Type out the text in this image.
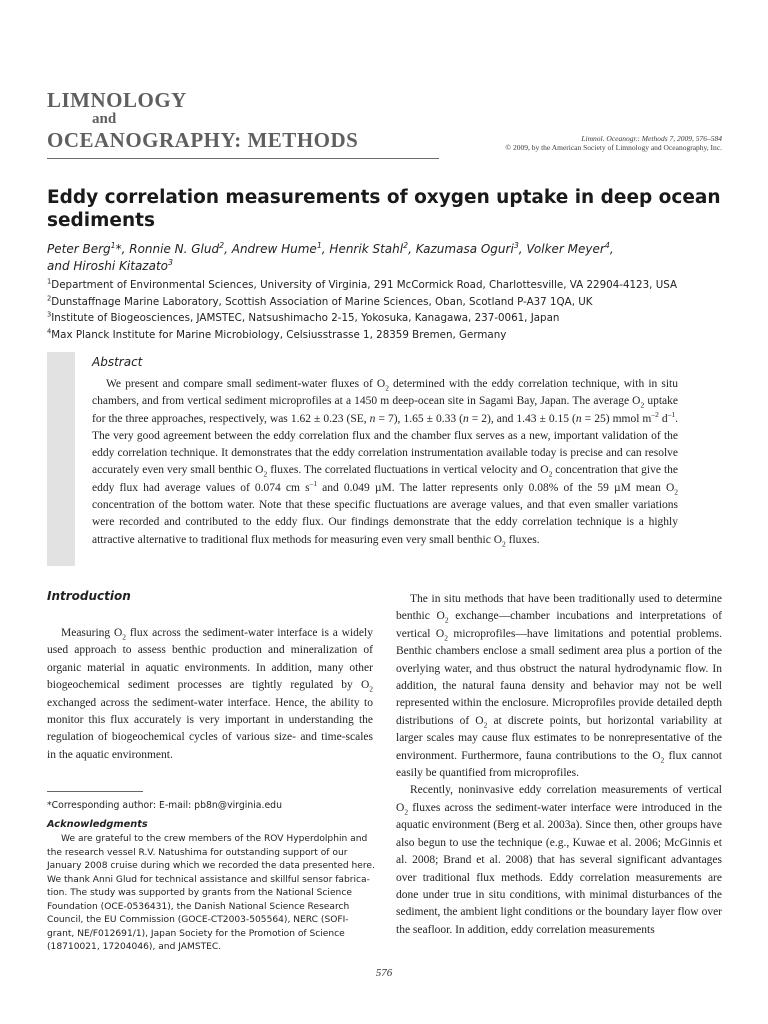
LIMNOLOGY
and
OCEANOGRAPHY: METHODS	Limnol. Oceanogr.: Methods 7, 2009, 576–584
© 2009, by the American Society of Limnology and Oceanography, Inc.
Eddy correlation measurements of oxygen uptake in deep ocean sediments
Peter Berg$^1$*, Ronnie N. Glud$^2$, Andrew Hume$^1$, Henrik Stahl$^2$, Kazumasa Oguri$^3$, Volker Meyer$^4$,
and Hiroshi Kitazato$^3$
$^1$Department of Environmental Sciences, University of Virginia, 291 McCormick Road, Charlottesville, VA 22904-4123, USA
$^2$Dunstaffnage Marine Laboratory, Scottish Association of Marine Sciences, Oban, Scotland P-A37 1QA, UK
$^3$Institute of Biogeosciences, JAMSTEC, Natsushimacho 2-15, Yokosuka, Kanagawa, 237-0061, Japan
$^4$Max Planck Institute for Marine Microbiology, Celsiusstrasse 1, 28359 Bremen, Germany
Abstract

We present and compare small sediment-water fluxes of $O_2$ determined with the eddy correlation technique, with in situ chambers, and from vertical sediment microprofiles at a 1450 m deep-ocean site in Sagami Bay, Japan. The average $O_2$ uptake for the three approaches, respectively, was 1.62 ± 0.23 (SE, n = 7), 1.65 ± 0.33 (n = 2), and 1.43 ± 0.15 (n = 25) mmol $m^{-2}$ $d^{-1}$. The very good agreement between the eddy correlation flux and the chamber flux serves as a new, important validation of the eddy correlation technique. It demonstrates that the eddy correlation instrumentation available today is precise and can resolve accurately even very small benthic $O_2$ fluxes. The correlated fluctuations in vertical velocity and $O_2$ concentration that give the eddy flux had average values of 0.074 cm $s^{-1}$ and 0.049 µM. The latter represents only 0.08% of the 59 µM mean $O_2$ concentration of the bottom water. Note that these specific fluctuations are average values, and that even smaller variations were recorded and contributed to the eddy flux. Our findings demonstrate that the eddy correlation technique is a highly attractive alternative to traditional flux methods for measuring even very small benthic $O_2$ fluxes.

Introduction

Measuring $O_2$ flux across the sediment-water interface is a widely used approach to assess benthic production and mineralization of organic material in aquatic environments. In addition, many other biogeochemical sediment processes are tightly regulated by $O_2$ exchanged across the sediment-water interface. Hence, the ability to monitor this flux accurately is very important in understanding the regulation of biogeochemical cycles of various size- and time-scales in the aquatic environment.

*Corresponding author: E-mail: pb8n@virginia.edu
Acknowledgments
We are grateful to the crew members of the ROV Hyperdolphin and
the research vessel R.V. Natushima for outstanding support of our
January 2008 cruise during which we recorded the data presented here.
We thank Anni Glud for technical assistance and skillful sensor fabrica-
tion. The study was supported by grants from the National Science
Foundation (OCE-0536431), the Danish National Science Research
Council, the EU Commission (GOCE-CT2003-505564), NERC (SOFI-
grant, NE/F012691/1), Japan Society for the Promotion of Science
(18710021, 17204046), and JAMSTEC.

The in situ methods that have been traditionally used to determine benthic $O_2$ exchange—chamber incubations and interpretations of vertical $O_2$ microprofiles—have limitations and potential problems. Benthic chambers enclose a small sediment area plus a portion of the overlying water, and thus obstruct the natural hydrodynamic flow. In addition, the natural fauna density and behavior may not be well represented within the enclosure. Microprofiles provide detailed depth distributions of $O_2$ at discrete points, but horizontal variability at larger scales may cause flux estimates to be nonrepresentative of the environment. Furthermore, fauna contributions to the $O_2$ flux cannot easily be quantified from microprofiles.

Recently, noninvasive eddy correlation measurements of vertical $O_2$ fluxes across the sediment-water interface were introduced in the aquatic environment (Berg et al. 2003a). Since then, other groups have also begun to use the technique (e.g., Kuwae et al. 2006; McGinnis et al. 2008; Brand et al. 2008) that has several significant advantages over traditional flux methods. Eddy correlation measurements are done under true in situ conditions, with minimal disturbances of the sediment, the ambient light conditions or the boundary layer flow over the seafloor. In addition, eddy correlation measurements

576
